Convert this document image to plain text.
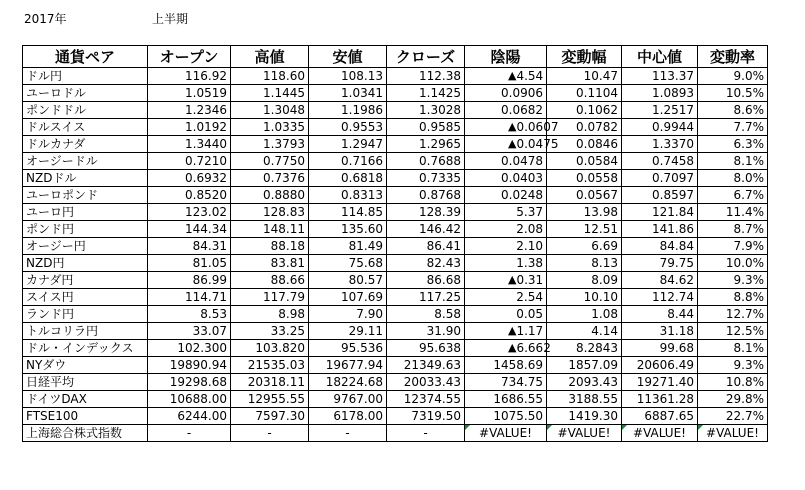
2017年	上半期
通貨ペア	オープン	高値	安値	クローズ	陰陽	変動幅	中心値	変動率
ドル円	116.92	118.60	108.13	112.38	▲ 4.54	10.47	113.37	9.0%
ユーロドル	1.0519	1.1445	1.0341	1.1425	0.0906	0.1104	1.0893	10.5%
ポンドドル	1.2346	1.3048	1.1986	1.3028	0.0682	0.1062	1.2517	8.6%
ドルスイス	1.0192	1.0335	0.9553	0.9585	▲ 0.0607	0.0782	0.9944	7.7%
ドルカナダ	1.3440	1.3793	1.2947	1.2965	▲ 0.0475	0.0846	1.3370	6.3%
オージードル	0.7210	0.7750	0.7166	0.7688	0.0478	0.0584	0.7458	8.1%
NZDドル	0.6932	0.7376	0.6818	0.7335	0.0403	0.0558	0.7097	8.0%
ユーロポンド	0.8520	0.8880	0.8313	0.8768	0.0248	0.0567	0.8597	6.7%
ユーロ円	123.02	128.83	114.85	128.39	5.37	13.98	121.84	11.4%
ポンド円	144.34	148.11	135.60	146.42	2.08	12.51	141.86	8.7%
オージー円	84.31	88.18	81.49	86.41	2.10	6.69	84.84	7.9%
NZD円	81.05	83.81	75.68	82.43	1.38	8.13	79.75	10.0%
カナダ円	86.99	88.66	80.57	86.68	▲ 0.31	8.09	84.62	9.3%
スイス円	114.71	117.79	107.69	117.25	2.54	10.10	112.74	8.8%
ランド円	8.53	8.98	7.90	8.58	0.05	1.08	8.44	12.7%
トルコリラ円	33.07	33.25	29.11	31.90	▲ 1.17	4.14	31.18	12.5%
ドル・インデックス	102.300	103.820	95.536	95.638	▲ 6.662	8.2843	99.68	8.1%
NYダウ	19890.94	21535.03	19677.94	21349.63	1458.69	1857.09	20606.49	9.3%
日経平均	19298.68	20318.11	18224.68	20033.43	734.75	2093.43	19271.40	10.8%
ドイツDAX	10688.00	12955.55	9767.00	12374.55	1686.55	3188.55	11361.28	29.8%
FTSE100	6244.00	7597.30	6178.00	7319.50	1075.50	1419.30	6887.65	22.7%
上海総合株式指数	-	-	-	-	#VALUE!	#VALUE!	#VALUE!	#VALUE!
